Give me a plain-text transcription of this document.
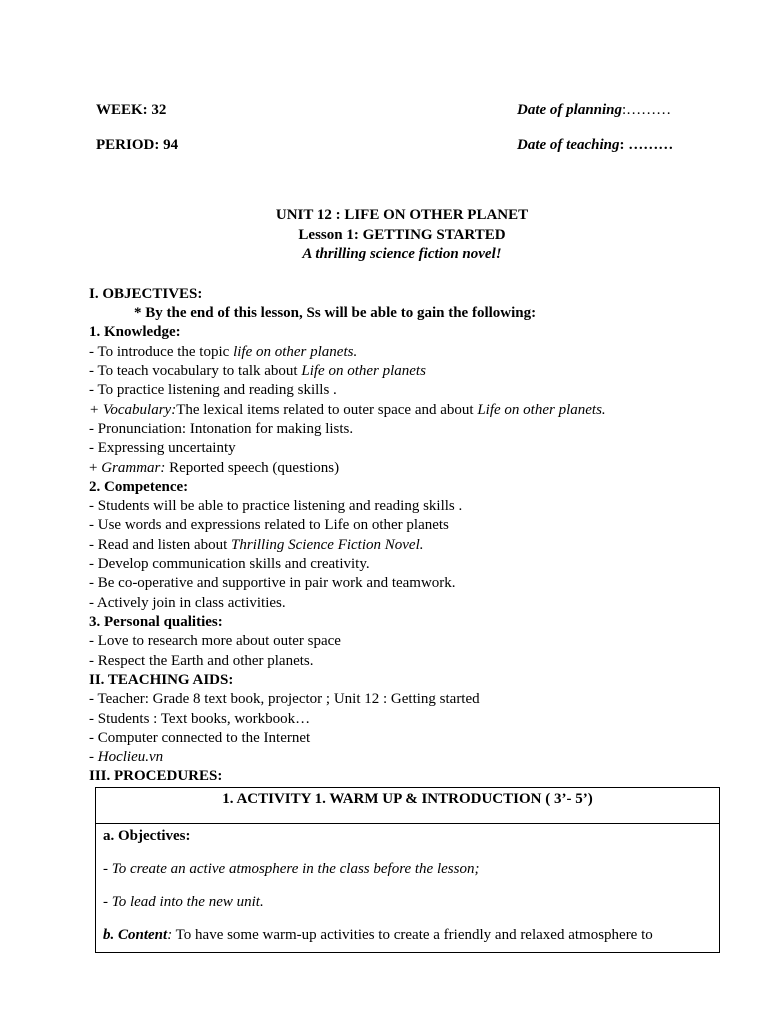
WEEK: 32	Date of planning:………
PERIOD: 94	Date of teaching: ………
UNIT 12 : LIFE ON OTHER PLANET
Lesson 1: GETTING STARTED
A thrilling science fiction novel!
I. OBJECTIVES:
* By the end of this lesson, Ss will be able to gain the following:
1. Knowledge:
- To introduce the topic life on other planets.
- To teach vocabulary to talk about Life on other planets
- To practice listening and reading skills .
+ Vocabulary:The lexical items related to outer space and about Life on other planets.
- Pronunciation: Intonation for making lists.
- Expressing uncertainty
+ Grammar: Reported speech (questions)
2. Competence:
- Students will be able to practice listening and reading skills .
- Use words and expressions related to Life on other planets
- Read and listen about Thrilling Science Fiction Novel.
- Develop communication skills and creativity.
- Be co-operative and supportive in pair work and teamwork.
- Actively join in class activities.
3. Personal qualities:
- Love to research more about outer space
- Respect the Earth and other planets.
II. TEACHING AIDS:
- Teacher: Grade 8 text book, projector ; Unit 12 : Getting started
- Students : Text books, workbook…
- Computer connected to the Internet
- Hoclieu.vn
III. PROCEDURES:
1. ACTIVITY 1. WARM UP & INTRODUCTION ( 3’- 5’)

a. Objectives:

- To create an active atmosphere in the class before the lesson;

- To lead into the new unit.

b. Content: To have some warm-up activities to create a friendly and relaxed atmosphere to
